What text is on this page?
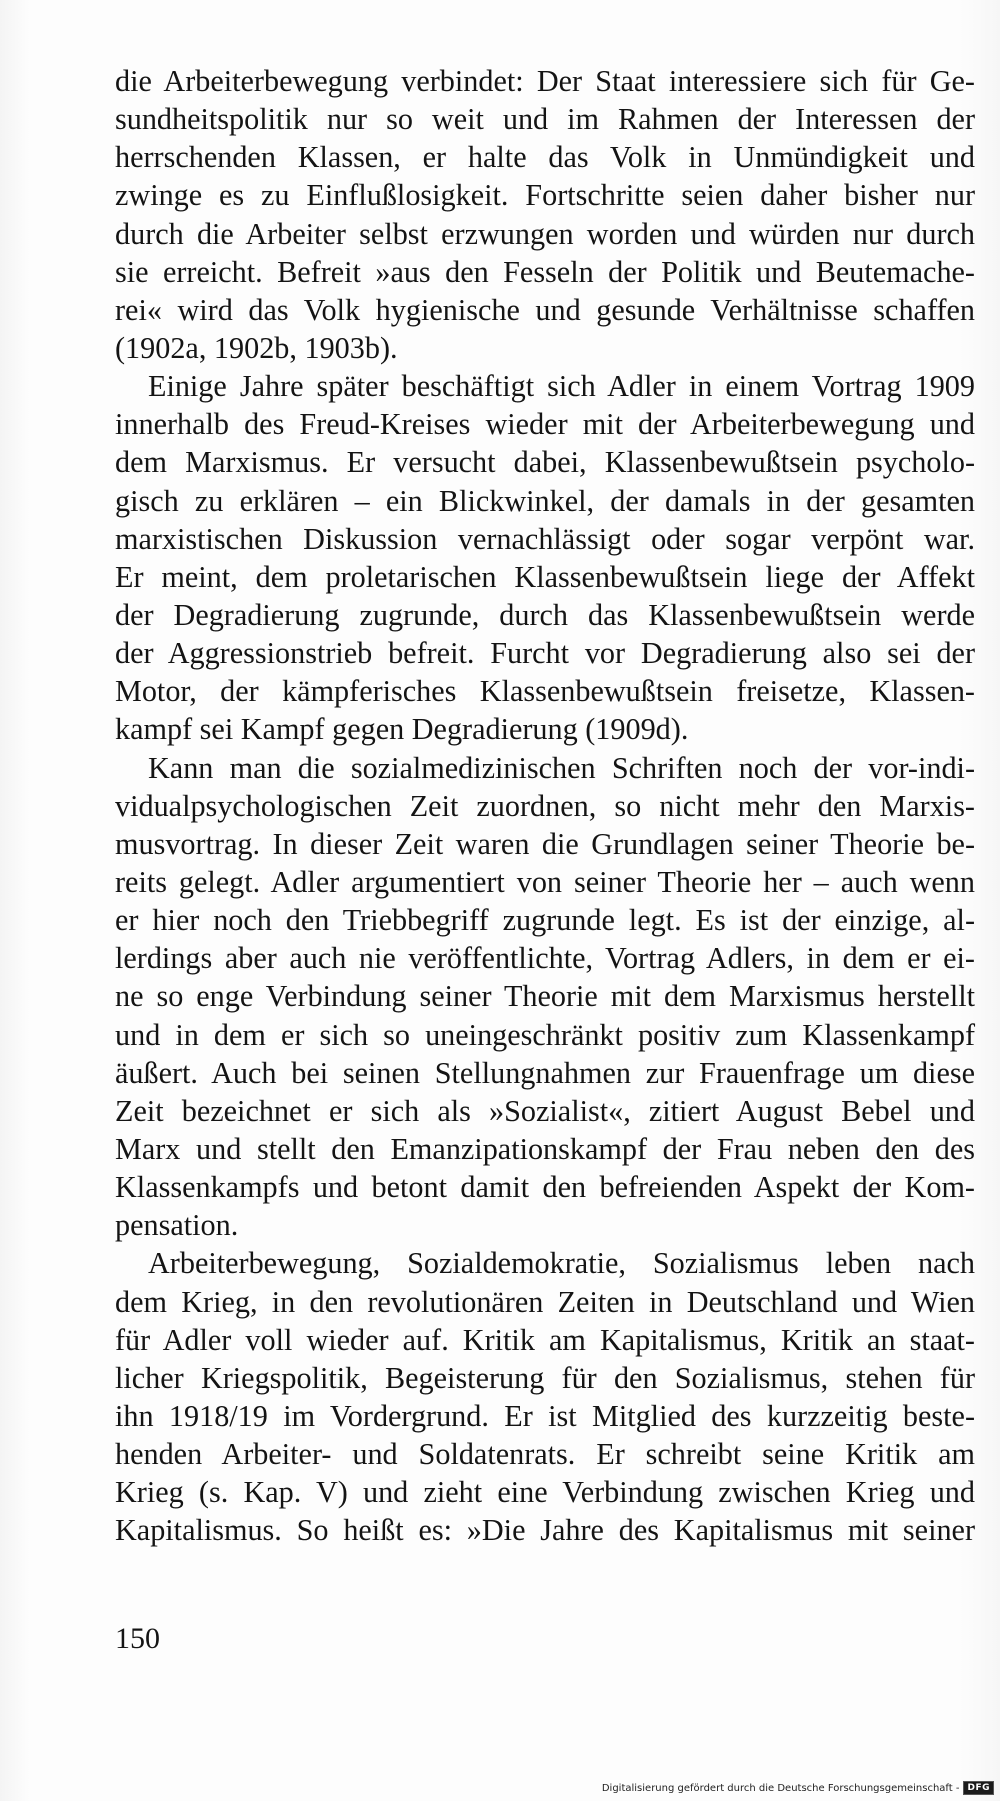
die Arbeiterbewegung verbindet: Der Staat interessiere sich für Ge-
sundheitspolitik nur so weit und im Rahmen der Interessen der
herrschenden Klassen, er halte das Volk in Unmündigkeit und
zwinge es zu Einflußlosigkeit. Fortschritte seien daher bisher nur
durch die Arbeiter selbst erzwungen worden und würden nur durch
sie erreicht. Befreit »aus den Fesseln der Politik und Beutemache-
rei« wird das Volk hygienische und gesunde Verhältnisse schaffen
(1902a, 1902b, 1903b).
Einige Jahre später beschäftigt sich Adler in einem Vortrag 1909
innerhalb des Freud-Kreises wieder mit der Arbeiterbewegung und
dem Marxismus. Er versucht dabei, Klassenbewußtsein psycholo-
gisch zu erklären – ein Blickwinkel, der damals in der gesamten
marxistischen Diskussion vernachlässigt oder sogar verpönt war.
Er meint, dem proletarischen Klassenbewußtsein liege der Affekt
der Degradierung zugrunde, durch das Klassenbewußtsein werde
der Aggressionstrieb befreit. Furcht vor Degradierung also sei der
Motor, der kämpferisches Klassenbewußtsein freisetze, Klassen-
kampf sei Kampf gegen Degradierung (1909d).
Kann man die sozialmedizinischen Schriften noch der vor-indi-
vidualpsychologischen Zeit zuordnen, so nicht mehr den Marxis-
musvortrag. In dieser Zeit waren die Grundlagen seiner Theorie be-
reits gelegt. Adler argumentiert von seiner Theorie her – auch wenn
er hier noch den Triebbegriff zugrunde legt. Es ist der einzige, al-
lerdings aber auch nie veröffentlichte, Vortrag Adlers, in dem er ei-
ne so enge Verbindung seiner Theorie mit dem Marxismus herstellt
und in dem er sich so uneingeschränkt positiv zum Klassenkampf
äußert. Auch bei seinen Stellungnahmen zur Frauenfrage um diese
Zeit bezeichnet er sich als »Sozialist«, zitiert August Bebel und
Marx und stellt den Emanzipationskampf der Frau neben den des
Klassenkampfs und betont damit den befreienden Aspekt der Kom-
pensation.
Arbeiterbewegung, Sozialdemokratie, Sozialismus leben nach
dem Krieg, in den revolutionären Zeiten in Deutschland und Wien
für Adler voll wieder auf. Kritik am Kapitalismus, Kritik an staat-
licher Kriegspolitik, Begeisterung für den Sozialismus, stehen für
ihn 1918/19 im Vordergrund. Er ist Mitglied des kurzzeitig beste-
henden Arbeiter- und Soldatenrats. Er schreibt seine Kritik am
Krieg (s. Kap. V) und zieht eine Verbindung zwischen Krieg und
Kapitalismus. So heißt es: »Die Jahre des Kapitalismus mit seiner
150
Digitalisierung gefördert durch die Deutsche Forschungsgemeinschaft - DFG
